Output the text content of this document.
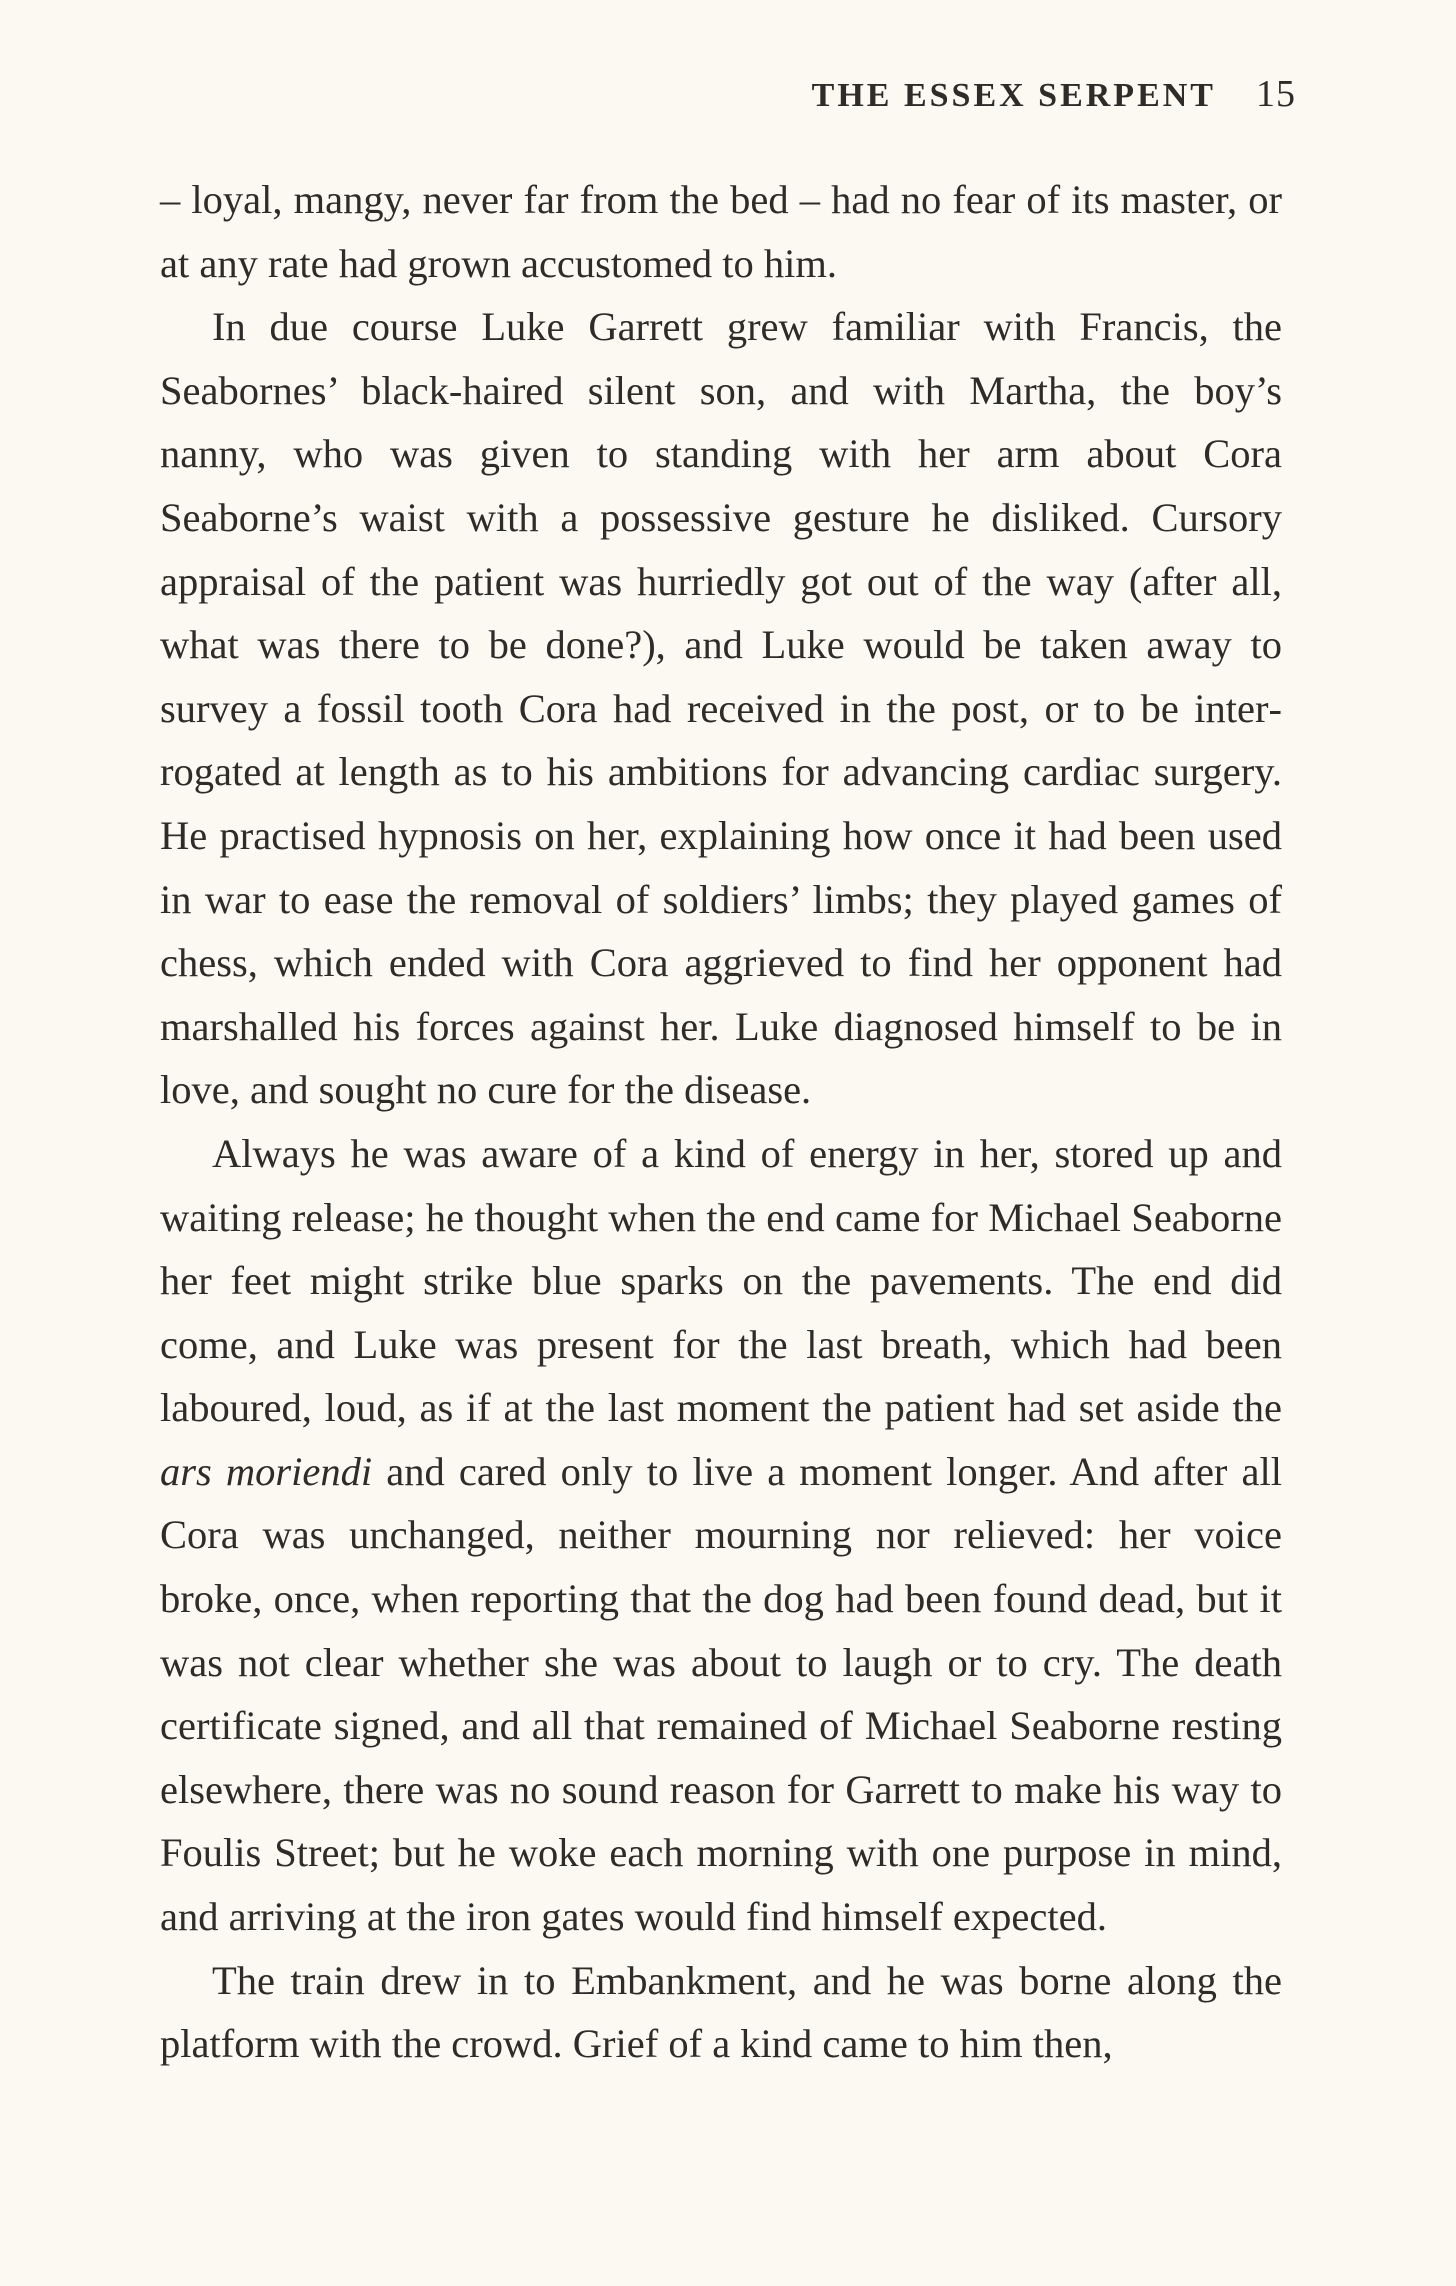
THE ESSEX SERPENT 15

– loyal, mangy, never far from the bed – had no fear of its master, or at any rate had grown accustomed to him.

In due course Luke Garrett grew familiar with Francis, the Seabornes’ black-haired silent son, and with Martha, the boy’s nanny, who was given to standing with her arm about Cora Seaborne’s waist with a possessive gesture he disliked. Cursory appraisal of the patient was hurriedly got out of the way (after all, what was there to be done?), and Luke would be taken away to survey a fossil tooth Cora had received in the post, or to be interrogated at length as to his ambitions for advancing cardiac surgery. He practised hypnosis on her, explaining how once it had been used in war to ease the removal of soldiers’ limbs; they played games of chess, which ended with Cora aggrieved to find her opponent had marshalled his forces against her. Luke diagnosed himself to be in love, and sought no cure for the disease.

Always he was aware of a kind of energy in her, stored up and waiting release; he thought when the end came for Michael Seaborne her feet might strike blue sparks on the pavements. The end did come, and Luke was present for the last breath, which had been laboured, loud, as if at the last moment the patient had set aside the ars moriendi and cared only to live a moment longer. And after all Cora was unchanged, neither mourning nor relieved: her voice broke, once, when reporting that the dog had been found dead, but it was not clear whether she was about to laugh or to cry. The death certificate signed, and all that remained of Michael Seaborne resting elsewhere, there was no sound reason for Garrett to make his way to Foulis Street; but he woke each morning with one purpose in mind, and arriving at the iron gates would find himself expected.

The train drew in to Embankment, and he was borne along the platform with the crowd. Grief of a kind came to him then,
